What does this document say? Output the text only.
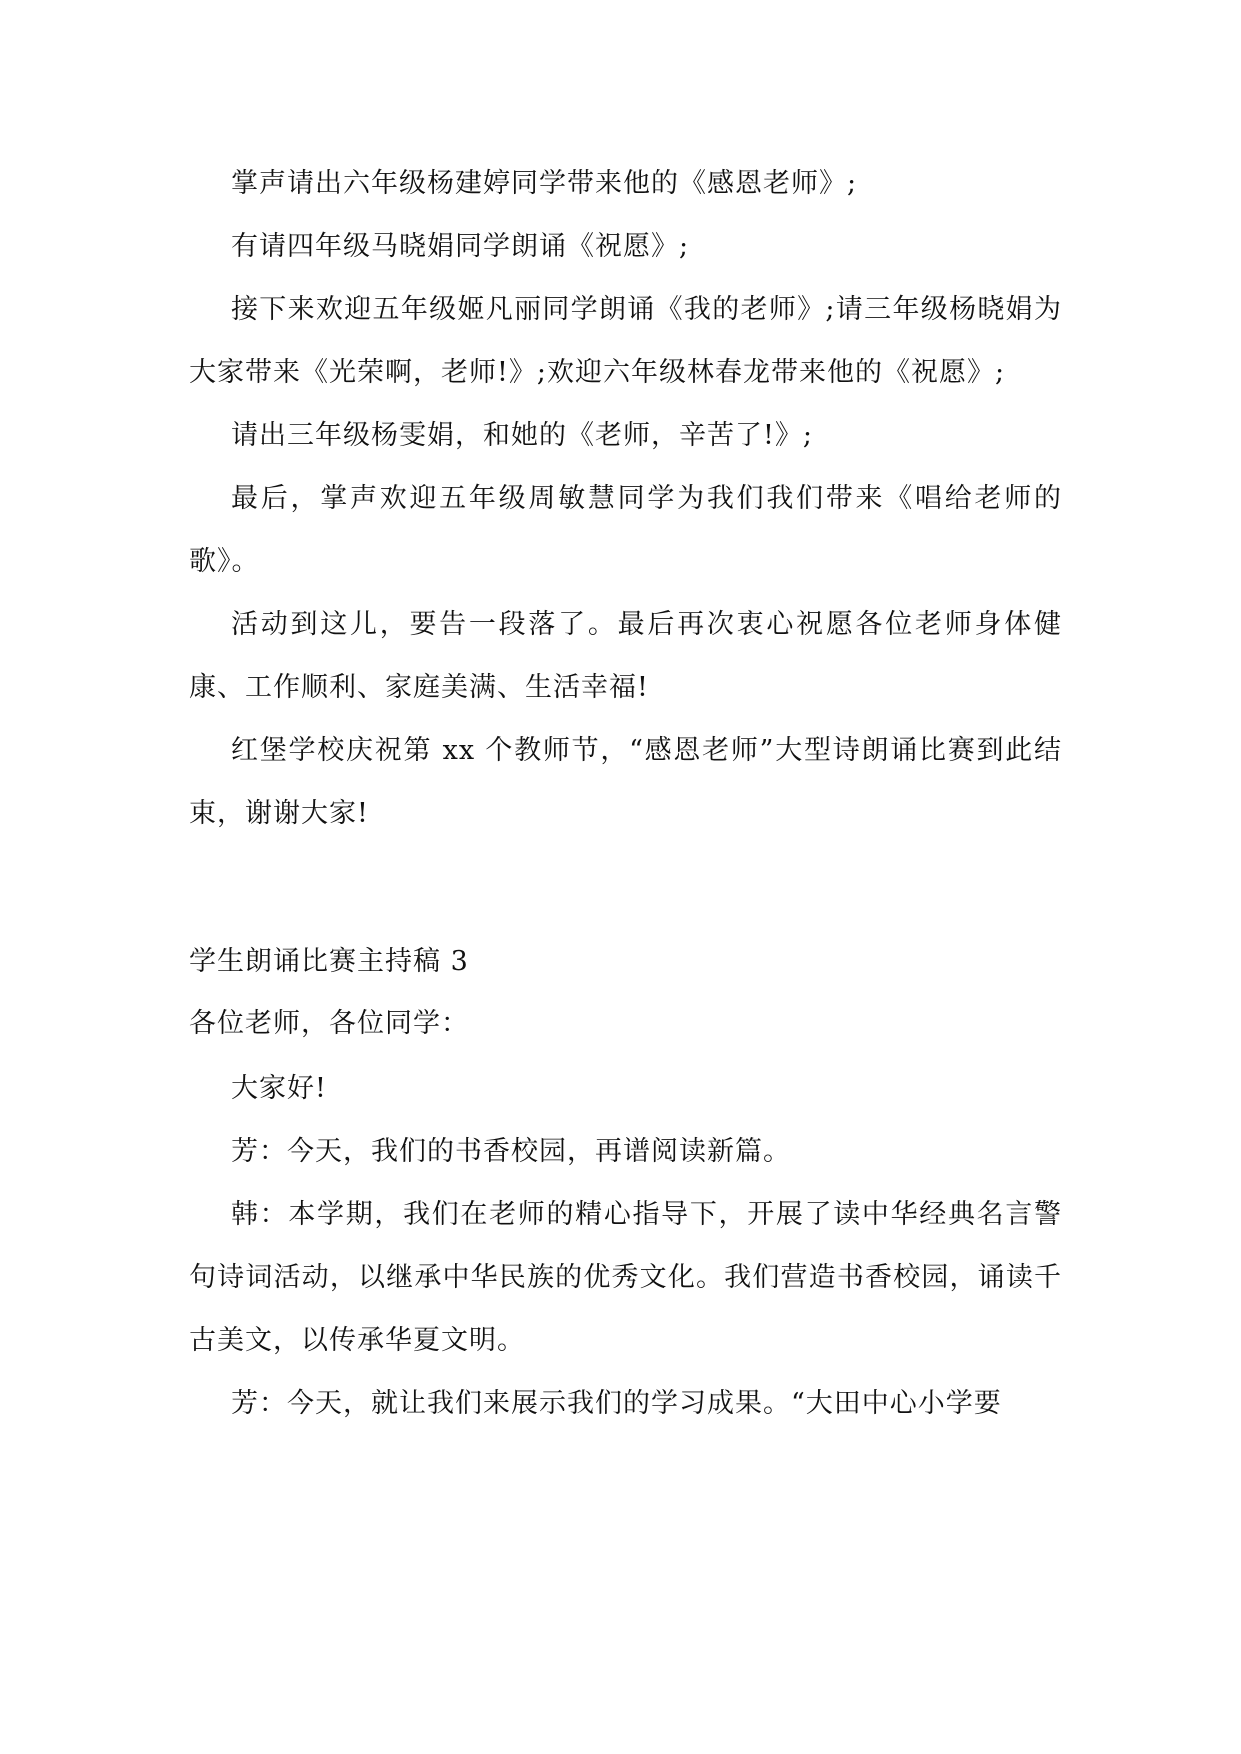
掌声请出六年级杨建婷同学带来他的《感恩老师》;

有请四年级马晓娟同学朗诵《祝愿》;

接下来欢迎五年级姬凡丽同学朗诵《我的老师》;请三年级杨晓娟为大家带来《光荣啊，老师!》;欢迎六年级林春龙带来他的《祝愿》;

请出三年级杨雯娟，和她的《老师，辛苦了!》;

最后，掌声欢迎五年级周敏慧同学为我们我们带来《唱给老师的歌》。

活动到这儿，要告一段落了。最后再次衷心祝愿各位老师身体健康、工作顺利、家庭美满、生活幸福!

红堡学校庆祝第 xx 个教师节，“感恩老师”大型诗朗诵比赛到此结束，谢谢大家!

学生朗诵比赛主持稿 3

各位老师，各位同学：

大家好!

芳：今天，我们的书香校园，再谱阅读新篇。

韩：本学期，我们在老师的精心指导下，开展了读中华经典名言警句诗词活动，以继承中华民族的优秀文化。我们营造书香校园，诵读千古美文，以传承华夏文明。

芳：今天，就让我们来展示我们的学习成果。“大田中心小学要
